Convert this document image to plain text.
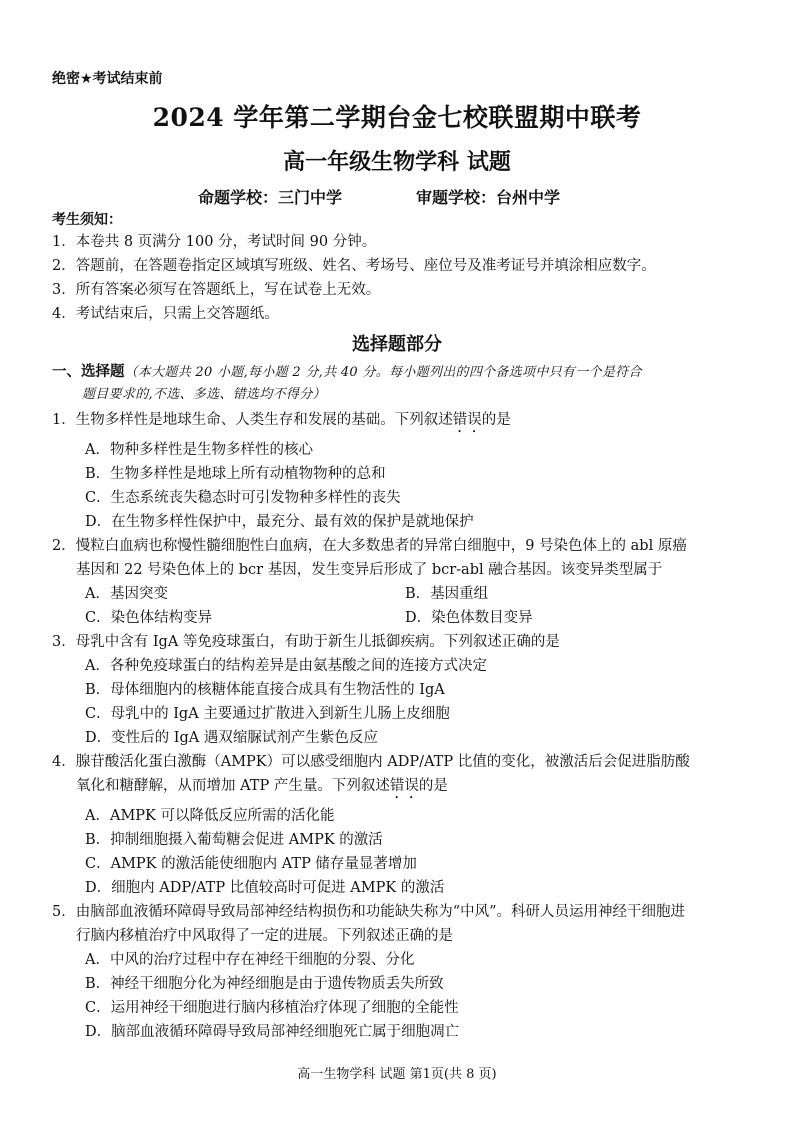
绝密★考试结束前
2024 学年第二学期台金七校联盟期中联考
高一年级生物学科 试题
命题学校：三门中学	审题学校：台州中学
考生须知：
1．本卷共 8 页满分 100 分，考试时间 90 分钟。
2．答题前，在答题卷指定区域填写班级、姓名、考场号、座位号及准考证号并填涂相应数字。
3．所有答案必须写在答题纸上，写在试卷上无效。
4．考试结束后，只需上交答题纸。
选择题部分
一、选择题（本大题共 20 小题,每小题 2 分,共 40 分。每小题列出的四个备选项中只有一个是符合
题目要求的,不选、多选、错选均不得分）
1．生物多样性是地球生命、人类生存和发展的基础。下列叙述错误的是
A．物种多样性是生物多样性的核心
B．生物多样性是地球上所有动植物物种的总和
C．生态系统丧失稳态时可引发物种多样性的丧失
D．在生物多样性保护中，最充分、最有效的保护是就地保护
2．慢粒白血病也称慢性髓细胞性白血病，在大多数患者的异常白细胞中，9 号染色体上的 abl 原癌
基因和 22 号染色体上的 bcr 基因，发生变异后形成了 bcr-abl 融合基因。该变异类型属于
A．基因突变	B．基因重组
C．染色体结构变异	D．染色体数目变异
3．母乳中含有 IgA 等免疫球蛋白，有助于新生儿抵御疾病。下列叙述正确的是
A．各种免疫球蛋白的结构差异是由氨基酸之间的连接方式决定
B．母体细胞内的核糖体能直接合成具有生物活性的 IgA
C．母乳中的 IgA 主要通过扩散进入到新生儿肠上皮细胞
D．变性后的 IgA 遇双缩脲试剂产生紫色反应
4．腺苷酸活化蛋白激酶（AMPK）可以感受细胞内 ADP/ATP 比值的变化，被激活后会促进脂肪酸
氧化和糖酵解，从而增加 ATP 产生量。下列叙述错误的是
A．AMPK 可以降低反应所需的活化能
B．抑制细胞摄入葡萄糖会促进 AMPK 的激活
C．AMPK 的激活能使细胞内 ATP 储存量显著增加
D．细胞内 ADP/ATP 比值较高时可促进 AMPK 的激活
5．由脑部血液循环障碍导致局部神经结构损伤和功能缺失称为“中风”。科研人员运用神经干细胞进
行脑内移植治疗中风取得了一定的进展。下列叙述正确的是
A．中风的治疗过程中存在神经干细胞的分裂、分化
B．神经干细胞分化为神经细胞是由于遗传物质丢失所致
C．运用神经干细胞进行脑内移植治疗体现了细胞的全能性
D．脑部血液循环障碍导致局部神经细胞死亡属于细胞凋亡
高一生物学科 试题 第1页(共 8 页)
